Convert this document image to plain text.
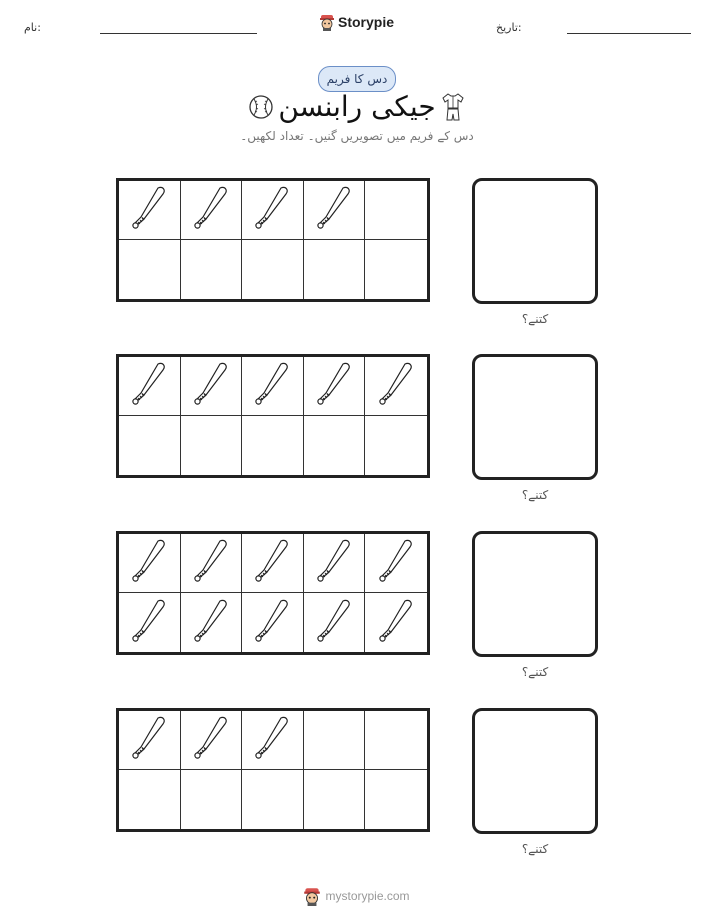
نام:	Storypie	تاریخ:
دس کا فریم
جیکی رابنسن
دس کے فریم میں تصویریں گنیں۔ تعداد لکھیں۔
کتنے؟
کتنے؟
کتنے؟
کتنے؟
mystorypie.com
